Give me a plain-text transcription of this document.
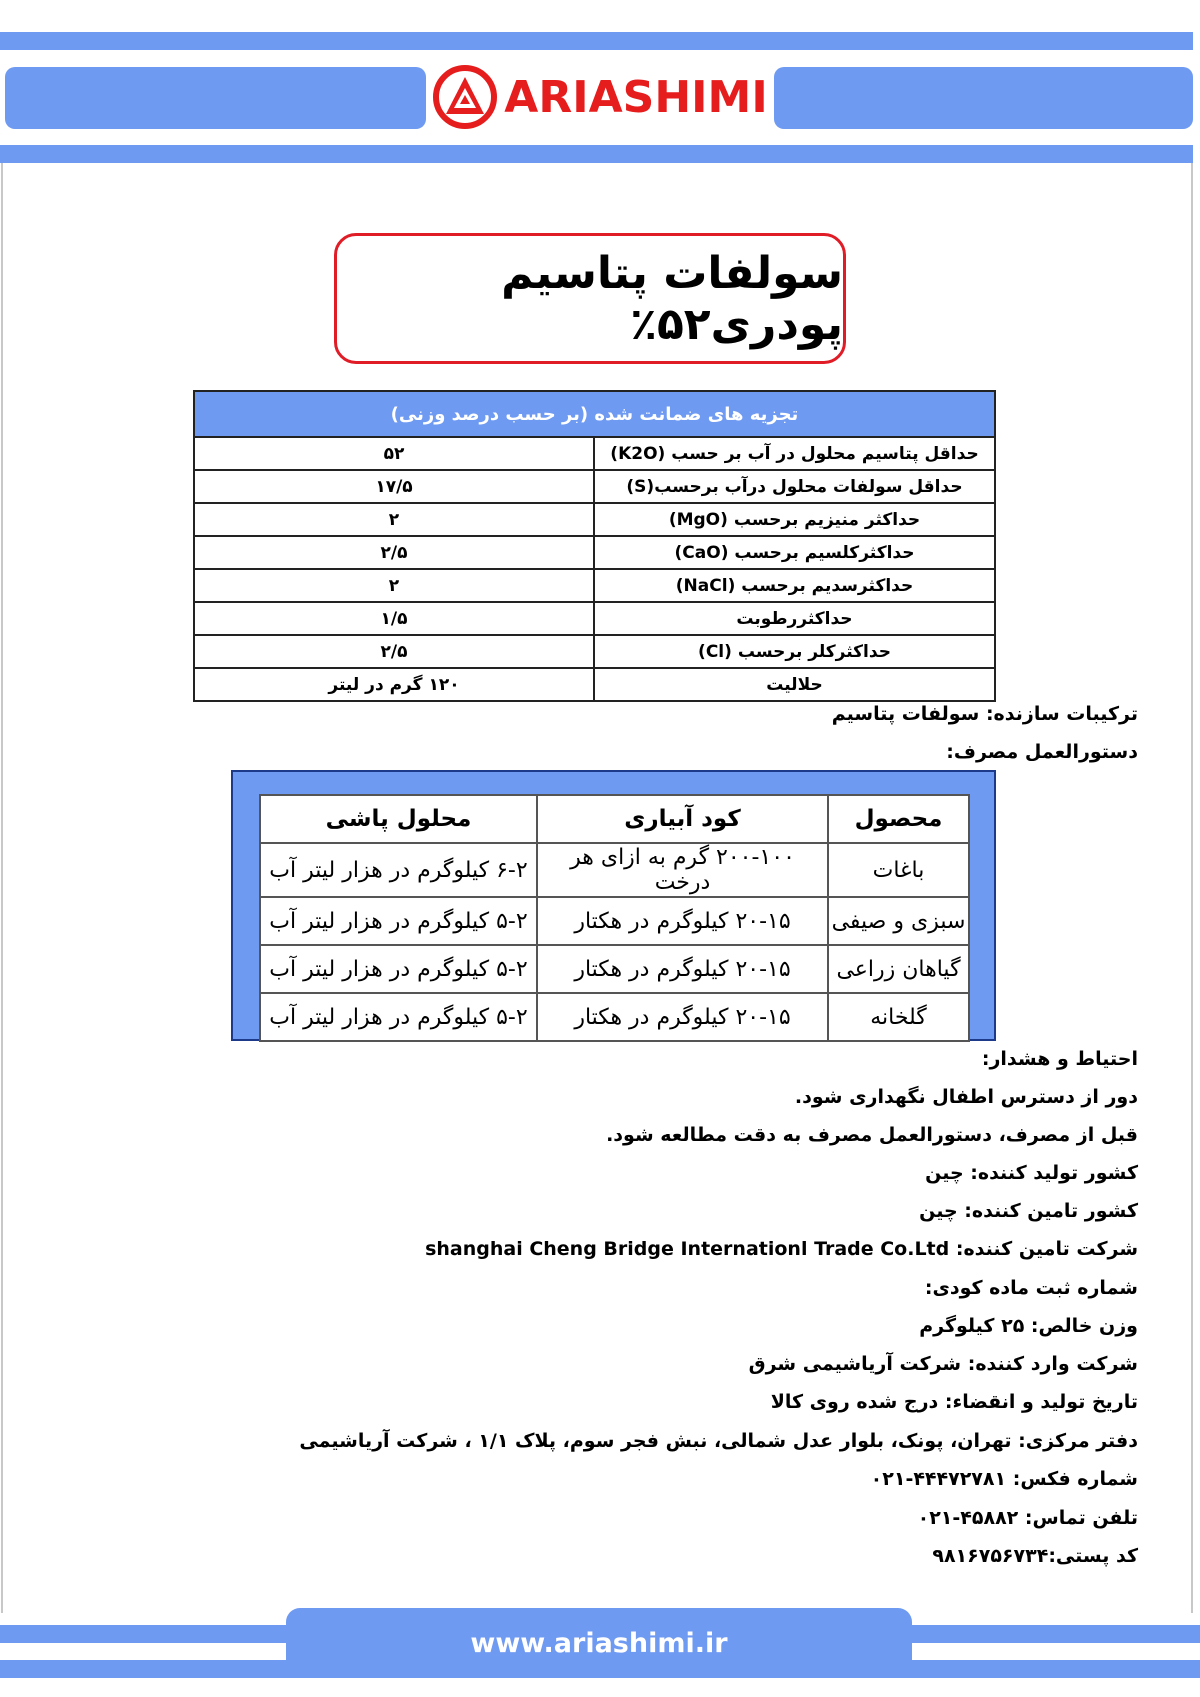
ARIASHIMI
سولفات پتاسیم پودری۵۲٪
تجزیه های ضمانت شده (بر حسب درصد وزنی)	
حداقل پتاسیم محلول در آب بر حسب (K2O)	۵۲
حداقل سولفات محلول درآب برحسب(S)	۱۷/۵
حداکثر منیزیم برحسب (MgO)	۲
حداکثرکلسیم برحسب (CaO)	۲/۵
حداکثرسدیم برحسب (NaCl)	۲
حداکثررطوبت	۱/۵
حداکثرکلر برحسب (Cl)	۲/۵
حلالیت	۱۲۰ گرم در لیتر
ترکیبات سازنده: سولفات پتاسیم
دستورالعمل مصرف:
محصول	کود آبیاری	محلول پاشی
باغات	۲۰۰-۱۰۰ گرم به ازای هر درخت	۶-۲ کیلوگرم در هزار لیتر آب
سبزی و صیفی	۲۰-۱۵ کیلوگرم در هکتار	۵-۲ کیلوگرم در هزار لیتر آب
گیاهان زراعی	۲۰-۱۵ کیلوگرم در هکتار	۵-۲ کیلوگرم در هزار لیتر آب
گلخانه	۲۰-۱۵ کیلوگرم در هکتار	۵-۲ کیلوگرم در هزار لیتر آب
احتیاط و هشدار:
دور از دسترس اطفال نگهداری شود.
قبل از مصرف، دستورالعمل مصرف به دقت مطالعه شود.
کشور تولید کننده: چین
کشور تامین کننده: چین
شرکت تامین کننده: shanghai Cheng Bridge Internationl Trade Co.Ltd
شماره ثبت ماده کودی:
وزن خالص: ۲۵ کیلوگرم
شرکت وارد کننده: شرکت آریاشیمی شرق
تاریخ تولید و انقضاء: درج شده روی کالا
دفتر مرکزی: تهران، پونک، بلوار عدل شمالی، نبش فجر سوم، پلاک ۱/۱ ، شرکت آریاشیمی
شماره فکس: ۴۴۴۷۲۷۸۱-۰۲۱
تلفن تماس: ۴۵۸۸۲-۰۲۱
کد پستی:۹۸۱۶۷۵۶۷۳۴
www.ariashimi.ir
